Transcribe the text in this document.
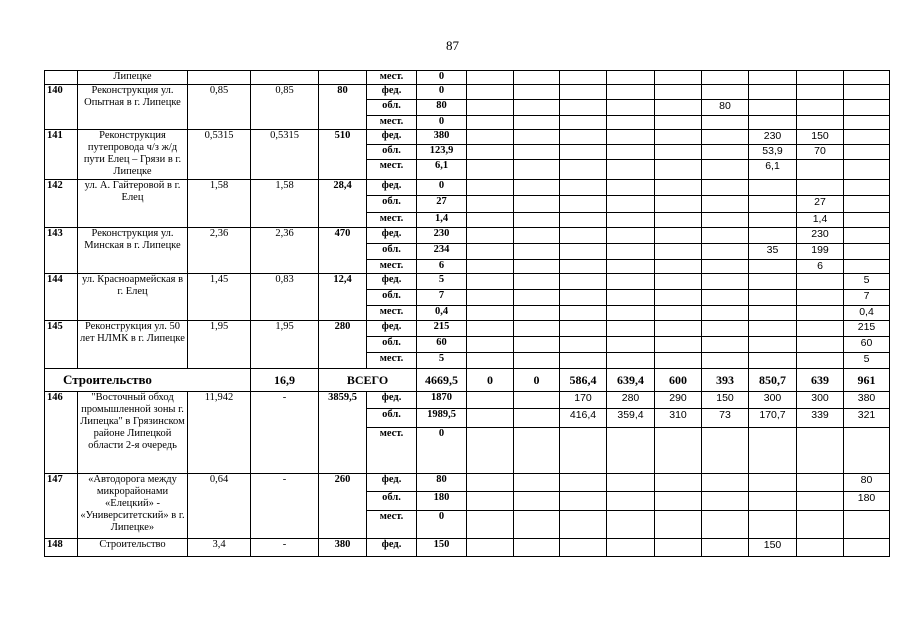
87
	Липецке				мест.	0									
140	Реконструкция ул. Опытная в г. Липецке	0,85	0,85	80	фед.	0									
					обл.	80						80			
					мест.	0									
141	Реконструкция путепровода ч/з ж/д пути Елец – Грязи в г. Липецке	0,5315	0,5315	510	фед.	380							230	150	
					обл.	123,9							53,9	70	
					мест.	6,1							6,1		
142	ул. А. Гайтеровой в г. Елец	1,58	1,58	28,4	фед.	0									
					обл.	27								27	
					мест.	1,4								1,4	
143	Реконструкция ул. Минская в г. Липецке	2,36	2,36	470	фед.	230								230	
					обл.	234							35	199	
					мест.	6								6	
144	ул. Красноармейская в г. Елец	1,45	0,83	12,4	фед.	5									5
					обл.	7									7
					мест.	0,4									0,4
145	Реконструкция ул. 50 лет НЛМК в г. Липецке	1,95	1,95	280	фед.	215									215
					обл.	60									60
					мест.	5									5
Строительство			16,9	ВСЕГО		4669,5	0	0	586,4	639,4	600	393	850,7	639	961
146	"Восточный обход промышленной зоны г. Липецка" в Грязинском районе Липецкой области 2-я очередь	11,942	-	3859,5	фед.	1870			170	280	290	150	300	300	380
					обл.	1989,5			416,4	359,4	310	73	170,7	339	321
					мест.	0									
147	«Автодорога между микрорайонами «Елецкий» - «Университетский» в г. Липецке»	0,64	-	260	фед.	80									80
					обл.	180									180
					мест.	0									
148	Строительство	3,4	-	380	фед.	150							150		
